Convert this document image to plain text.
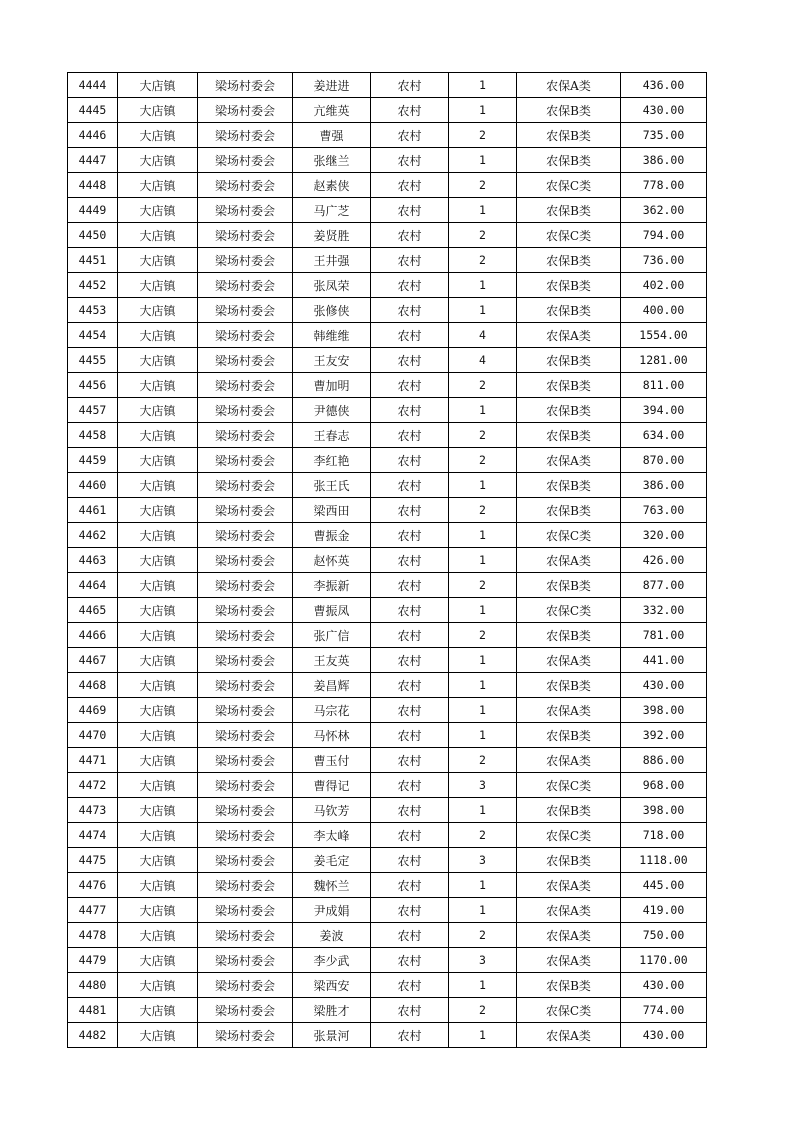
4444	大店镇	梁场村委会	姜进进	农村	1	农保A类	436.00
4445	大店镇	梁场村委会	亢维英	农村	1	农保B类	430.00
4446	大店镇	梁场村委会	曹强	农村	2	农保B类	735.00
4447	大店镇	梁场村委会	张继兰	农村	1	农保B类	386.00
4448	大店镇	梁场村委会	赵素侠	农村	2	农保C类	778.00
4449	大店镇	梁场村委会	马广芝	农村	1	农保B类	362.00
4450	大店镇	梁场村委会	姜贤胜	农村	2	农保C类	794.00
4451	大店镇	梁场村委会	王井强	农村	2	农保B类	736.00
4452	大店镇	梁场村委会	张凤荣	农村	1	农保B类	402.00
4453	大店镇	梁场村委会	张修侠	农村	1	农保B类	400.00
4454	大店镇	梁场村委会	韩维维	农村	4	农保A类	1554.00
4455	大店镇	梁场村委会	王友安	农村	4	农保B类	1281.00
4456	大店镇	梁场村委会	曹加明	农村	2	农保B类	811.00
4457	大店镇	梁场村委会	尹德侠	农村	1	农保B类	394.00
4458	大店镇	梁场村委会	王春志	农村	2	农保B类	634.00
4459	大店镇	梁场村委会	李红艳	农村	2	农保A类	870.00
4460	大店镇	梁场村委会	张王氏	农村	1	农保B类	386.00
4461	大店镇	梁场村委会	梁西田	农村	2	农保B类	763.00
4462	大店镇	梁场村委会	曹振金	农村	1	农保C类	320.00
4463	大店镇	梁场村委会	赵怀英	农村	1	农保A类	426.00
4464	大店镇	梁场村委会	李振新	农村	2	农保B类	877.00
4465	大店镇	梁场村委会	曹振凤	农村	1	农保C类	332.00
4466	大店镇	梁场村委会	张广信	农村	2	农保B类	781.00
4467	大店镇	梁场村委会	王友英	农村	1	农保A类	441.00
4468	大店镇	梁场村委会	姜昌辉	农村	1	农保B类	430.00
4469	大店镇	梁场村委会	马宗花	农村	1	农保A类	398.00
4470	大店镇	梁场村委会	马怀林	农村	1	农保B类	392.00
4471	大店镇	梁场村委会	曹玉付	农村	2	农保A类	886.00
4472	大店镇	梁场村委会	曹得记	农村	3	农保C类	968.00
4473	大店镇	梁场村委会	马钦芳	农村	1	农保B类	398.00
4474	大店镇	梁场村委会	李太峰	农村	2	农保C类	718.00
4475	大店镇	梁场村委会	姜毛定	农村	3	农保B类	1118.00
4476	大店镇	梁场村委会	魏怀兰	农村	1	农保A类	445.00
4477	大店镇	梁场村委会	尹成娟	农村	1	农保A类	419.00
4478	大店镇	梁场村委会	姜波	农村	2	农保A类	750.00
4479	大店镇	梁场村委会	李少武	农村	3	农保A类	1170.00
4480	大店镇	梁场村委会	梁西安	农村	1	农保B类	430.00
4481	大店镇	梁场村委会	梁胜才	农村	2	农保C类	774.00
4482	大店镇	梁场村委会	张景河	农村	1	农保A类	430.00
